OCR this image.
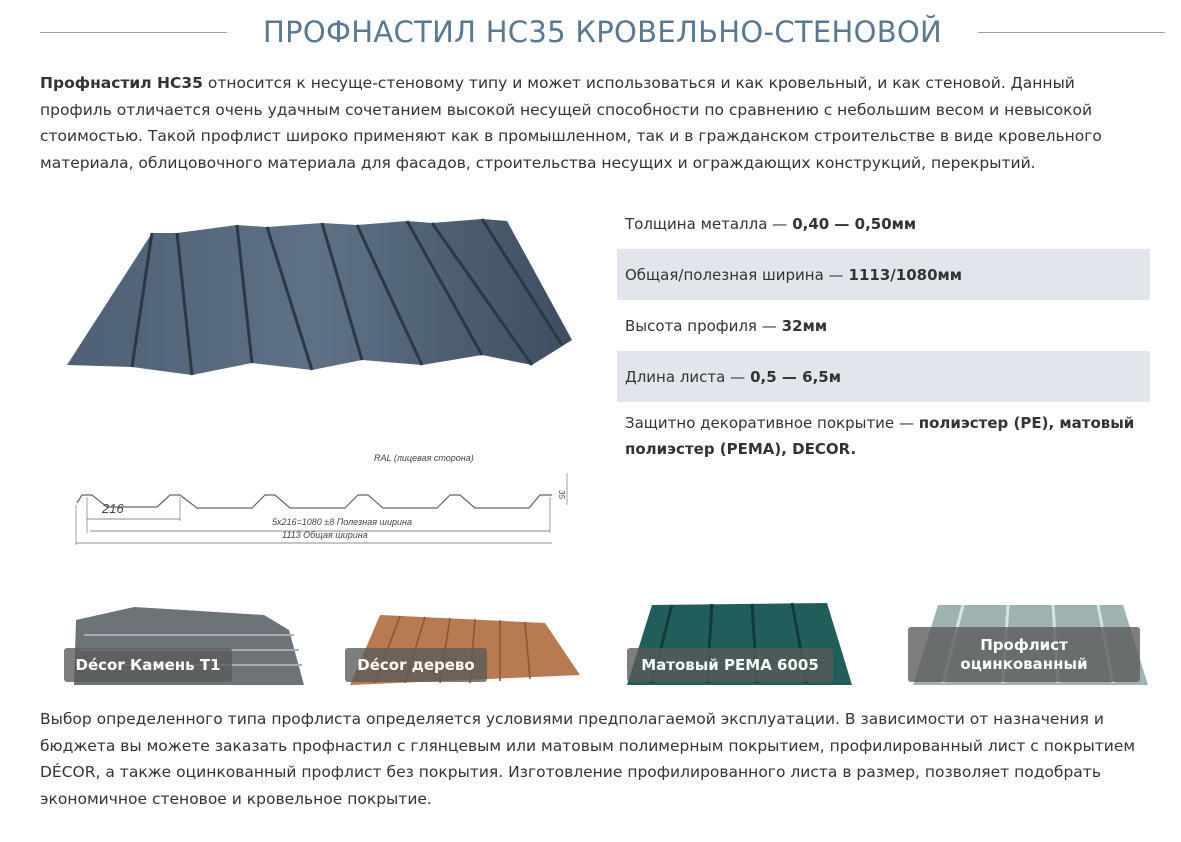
ПРОФНАСТИЛ НС35 КРОВЕЛЬНО-СТЕНОВОЙ

Профнастил НС35 относится к несуще-стеновому типу и может использоваться и как кровельный, и как стеновой. Данный профиль отличается очень удачным сочетанием высокой несущей способности по сравнению с небольшим весом и невысокой стоимостью. Такой профлист широко применяют как в промышленном, так и в гражданском строительстве в виде кровельного материала, облицовочного материала для фасадов, строительства несущих и ограждающих конструкций, перекрытий.

216
5x216=1080 ±8 Полезная ширина
1113 Общая ширина
RAL (лицевая сторона)
35
Толщина металла — 0,40 — 0,50мм
Общая/полезная ширина — 1113/1080мм
Высота профиля — 32мм
Длина листа — 0,5 — 6,5м
Защитно декоративное покрытие — полиэстер (PE), матовый полиэстер (PEMA), DECOR.
Décor Камень Т1	Décor дерево	Матовый PEMA 6005
Профлист оцинкованный

Выбор определенного типа профлиста определяется условиями предполагаемой эксплуатации. В зависимости от назначения и бюджета вы можете заказать профнастил с глянцевым или матовым полимерным покрытием, профилированный лист с покрытием DÉCOR, а также оцинкованный профлист без покрытия. Изготовление профилированного листа в размер, позволяет подобрать экономичное стеновое и кровельное покрытие.
